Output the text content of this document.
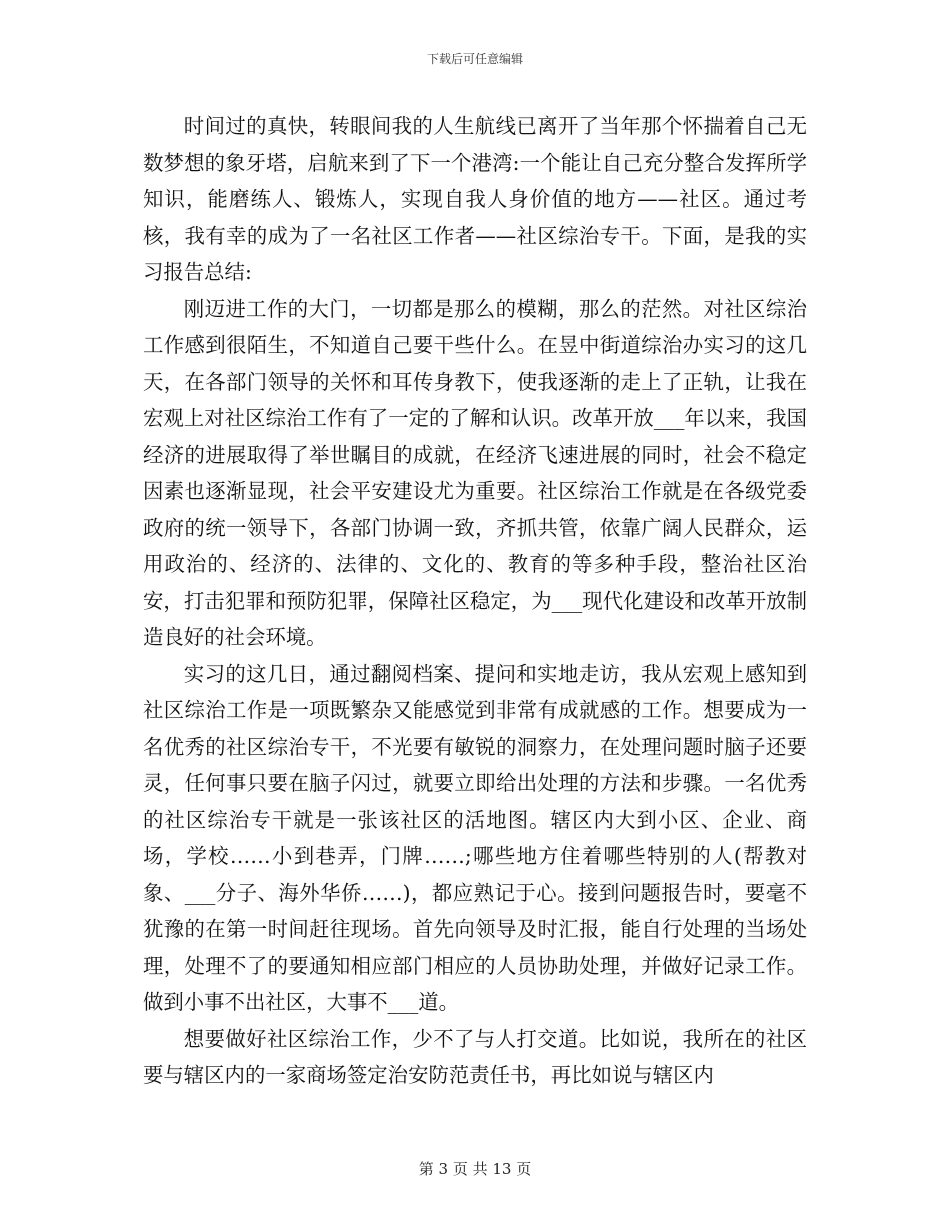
下载后可任意编辑

时间过的真快，转眼间我的人生航线已离开了当年那个怀揣着自己无数梦想的象牙塔，启航来到了下一个港湾:一个能让自己充分整合发挥所学知识，能磨练人、锻炼人，实现自我人身价值的地方——社区。通过考核，我有幸的成为了一名社区工作者——社区综治专干。下面，是我的实习报告总结:

刚迈进工作的大门，一切都是那么的模糊，那么的茫然。对社区综治工作感到很陌生，不知道自己要干些什么。在昱中街道综治办实习的这几天，在各部门领导的关怀和耳传身教下，使我逐渐的走上了正轨，让我在宏观上对社区综治工作有了一定的了解和认识。改革开放___年以来，我国经济的进展取得了举世瞩目的成就，在经济飞速进展的同时，社会不稳定因素也逐渐显现，社会平安建设尤为重要。社区综治工作就是在各级党委政府的统一领导下，各部门协调一致，齐抓共管，依靠广阔人民群众，运用政治的、经济的、法律的、文化的、教育的等多种手段，整治社区治安，打击犯罪和预防犯罪，保障社区稳定，为___现代化建设和改革开放制造良好的社会环境。

实习的这几日，通过翻阅档案、提问和实地走访，我从宏观上感知到社区综治工作是一项既繁杂又能感觉到非常有成就感的工作。想要成为一名优秀的社区综治专干，不光要有敏锐的洞察力，在处理问题时脑子还要灵，任何事只要在脑子闪过，就要立即给出处理的方法和步骤。一名优秀的社区综治专干就是一张该社区的活地图。辖区内大到小区、企业、商场，学校……小到巷弄，门牌……;哪些地方住着哪些特别的人(帮教对象、___分子、海外华侨……)，都应熟记于心。接到问题报告时，要毫不犹豫的在第一时间赶往现场。首先向领导及时汇报，能自行处理的当场处理，处理不了的要通知相应部门相应的人员协助处理，并做好记录工作。做到小事不出社区，大事不___道。

想要做好社区综治工作，少不了与人打交道。比如说，我所在的社区要与辖区内的一家商场签定治安防范责任书，再比如说与辖区内

第 3 页 共 13 页
